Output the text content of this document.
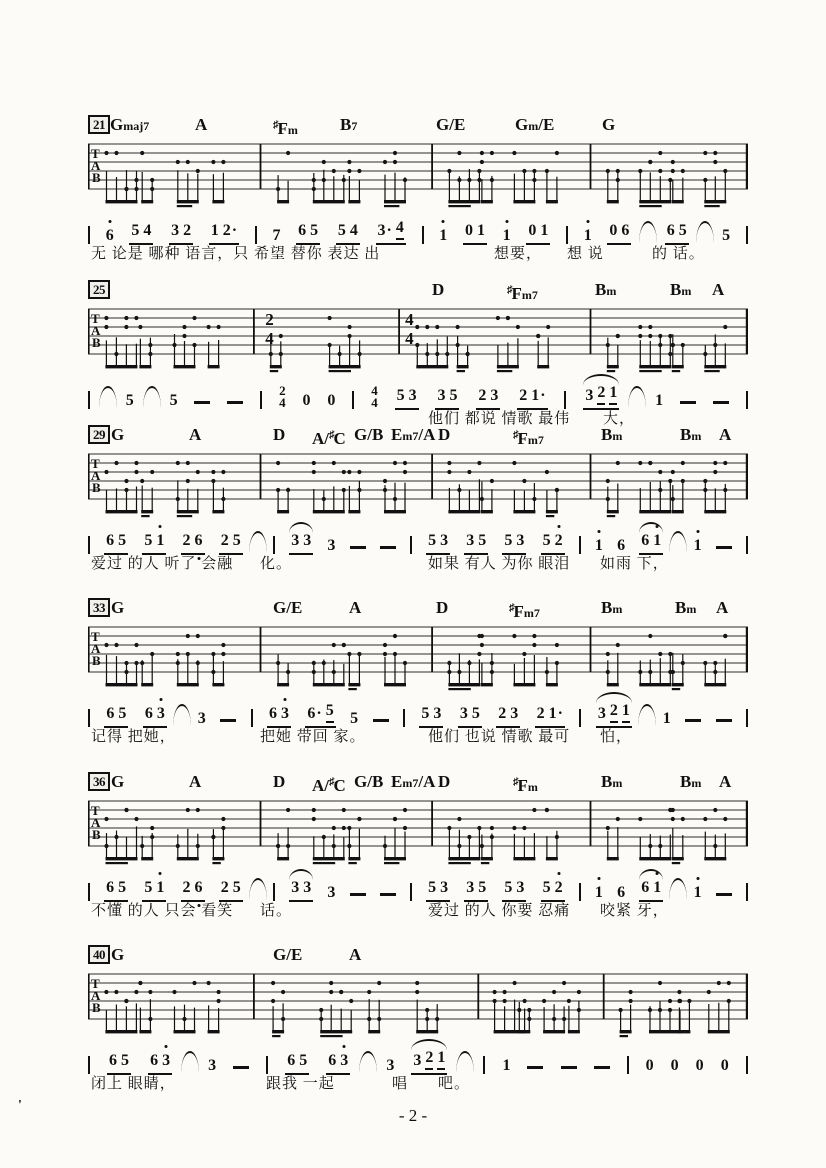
21 Gmaj7	A	♯Fm B7	G/E	Gm/E	G
T
A
B
6 5 4 3 2 1 2· 7 6 5 5 4 3· 4 1 0 1 1 0 1 1 0 6 6 5 5
无 论是 哪种 语言，只 希望 替你 表达 出	想要， 想 说	的 话。
25	D	♯Fm7	Bm	Bm A
T
A
B
2
4
4
4
5 5
2
4 0 0
4
4 5 3 3 5 2 3 2 1· 3 2 1 1
他们 都说 情歌 最伟 大，
29 G	A	D A/♯C G/B Em7/A D	♯Fm7	Bm	Bm A
T
A
B
6 5 5 1 2 6 2 5	3 3 3	5 3 3 5 5 3 5 2 1 6 6 1 1
爱过 的人 听了 会融 化。	如果 有人 为你 眼泪 如雨 下，
33 G	G/E	A	D	♯Fm7	Bm	Bm A
T
A
B
6 5 6 3 3	6 3 6· 5 5	5 3 3 5 2 3 2 1· 3 2 1 1
记得 把她，	把她 带回 家。	他们 也说 情歌 最可 怕，
36 G	A	D A/♯C G/B Em7/A D	♯Fm	Bm	Bm A
T
A
B
6 5 5 1 2 6 2 5	3 3 3	5 3 3 5 5 3 5 2 1 6 6 1 1
不懂 的人 只会 看笑 话。	爱过 的人 你要 忍痛 咬紧 牙，
40 G	G/E	A
T
A
B
6 5 6 3 3	6 5 6 3 3 3 2 1	1	0 0 0 0
闭上 眼睛，	跟我 一起	唱 吧。
'
- 2 -
